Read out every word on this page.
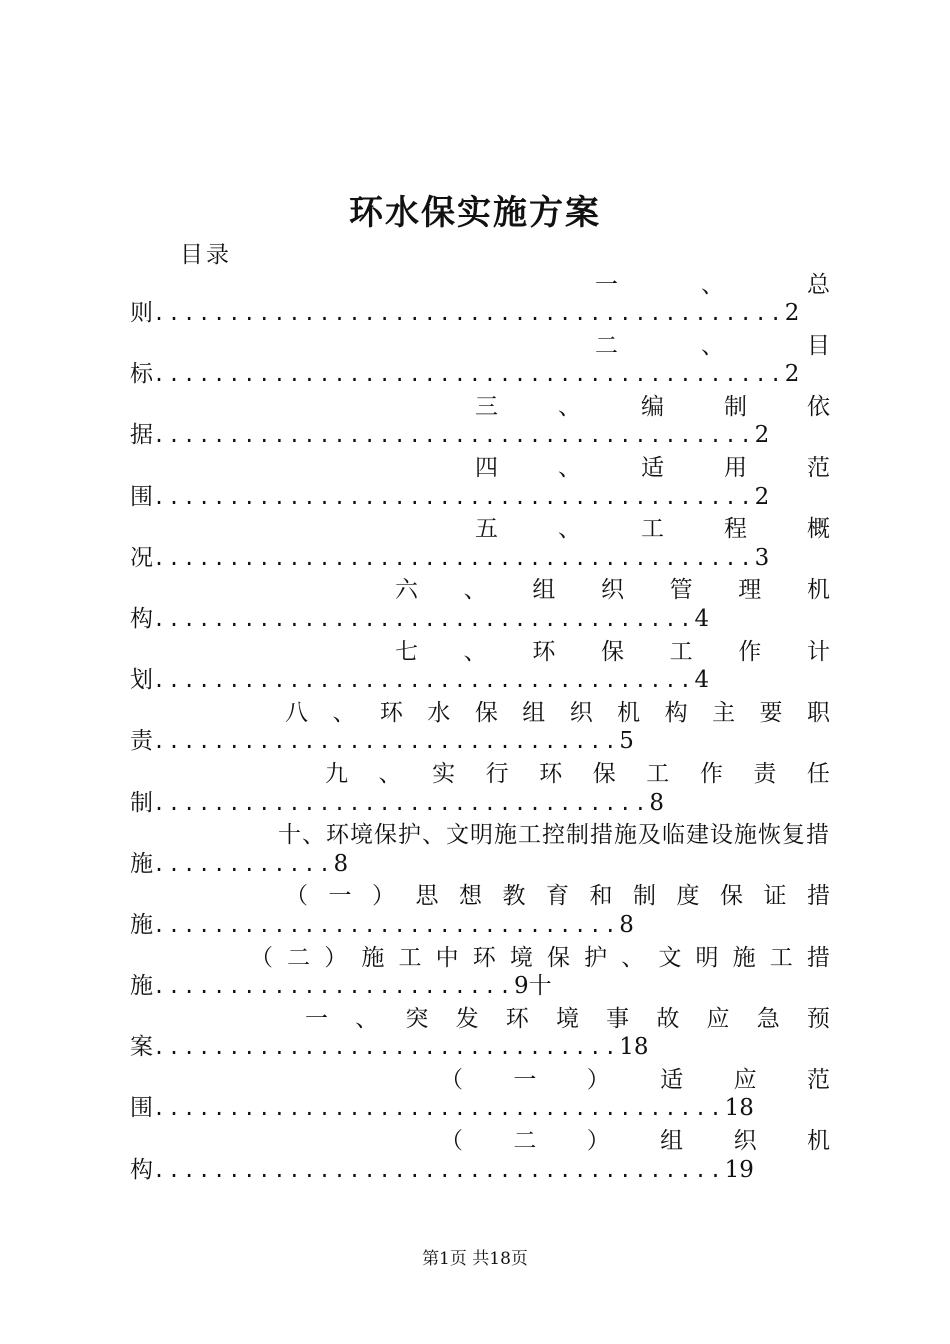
环水保实施方案
目录
一	、	总
则..........................................2
二	、	目
标..........................................2
三	、	编	制	依
据........................................2
四	、	适	用	范
围........................................2
五	、	工	程	概
况........................................3
六 、 组 织 管 理 机
构....................................4
七 、 环 保 工 作 计
划....................................4
八 、 环 水 保 组 织 机 构 主 要 职
责...............................5
九 、 实 行 环 保 工 作 责 任
制.................................8
十、环境保护、文明施工控制措施及临建设施恢复措
施............8
（ 一 ） 思 想 教 育 和 制 度 保 证 措
施...............................8
（ 二 ） 施 工 中 环 境 保 护 、 文 明 施 工 措
施........................9十
一 、 突 发 环 境 事 故 应 急 预
案...............................18
（ 一 ） 适 应 范
围......................................18
（ 二 ） 组 织 机
构......................................19
第1页 共18页
